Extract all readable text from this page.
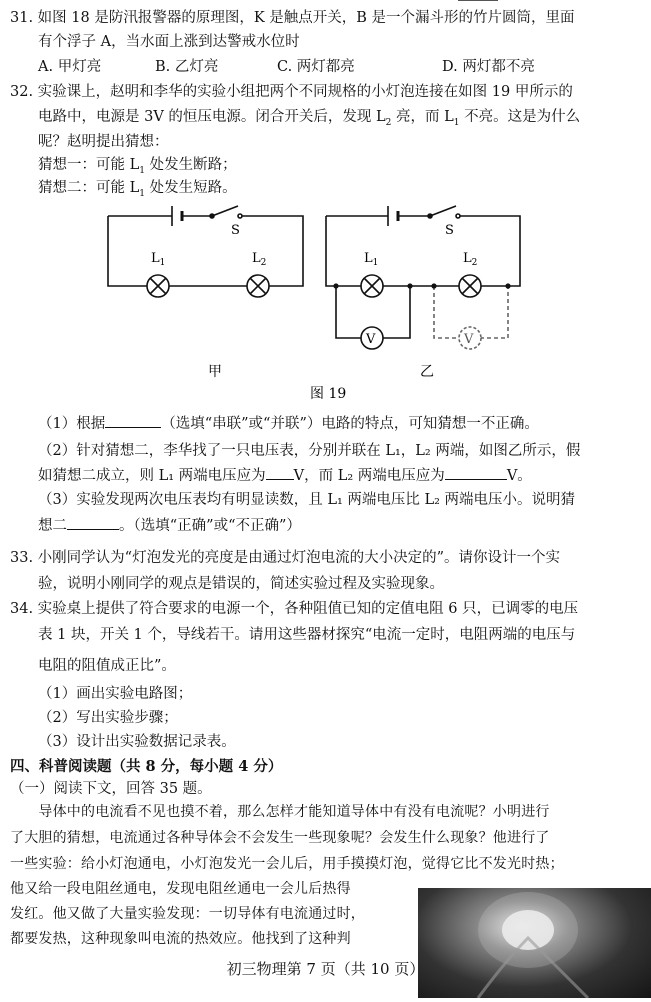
31. 如图 18 是防汛报警器的原理图，K 是触点开关，B 是一个漏斗形的竹片圆筒，里面
有个浮子 A，当水面上涨到达警戒水位时
A. 甲灯亮	B. 乙灯亮	C. 两灯都亮	D. 两灯都不亮
32. 实验课上，赵明和李华的实验小组把两个不同规格的小灯泡连接在如图 19 甲所示的
电路中，电源是 3V 的恒压电源。闭合开关后，发现 $L_2$ 亮，而 $L_1$ 不亮。这是为什么
呢？赵明提出猜想：
猜想一：可能 $L_1$ 处发生断路；
猜想二：可能 $L_1$ 处发生短路。
S
$L_1$	$L_2$
V	V
S
$L_1$	$L_2$
甲
图 19
乙
（1）根据	（选填“串联”或“并联”）电路的特点，可知猜想一不正确。
（2）针对猜想二，李华找了一只电压表，分别并联在 L₁，L₂ 两端，如图乙所示，假
如猜想二成立，则 L₁ 两端电压应为 V，而 L₂ 两端电压应为	V。
（3）实验发现两次电压表均有明显读数，且 L₁ 两端电压比 L₂ 两端电压小。说明猜
想二	。（选填“正确”或“不正确”）
33. 小刚同学认为“灯泡发光的亮度是由通过灯泡电流的大小决定的”。请你设计一个实
验，说明小刚同学的观点是错误的，简述实验过程及实验现象。
34. 实验桌上提供了符合要求的电源一个，各种阻值已知的定值电阻 6 只，已调零的电压
表 1 块，开关 1 个，导线若干。请用这些器材探究“电流一定时，电阻两端的电压与
电阻的阻值成正比”。
（1）画出实验电路图；
（2）写出实验步骤；
（3）设计出实验数据记录表。
四、科普阅读题（共 8 分，每小题 4 分）
（一）阅读下文，回答 35 题。
　　导体中的电流看不见也摸不着，那么怎样才能知道导体中有没有电流呢？小明进行
了大胆的猜想，电流通过各种导体会不会发生一些现象呢？会发生什么现象？他进行了
一些实验：给小灯泡通电，小灯泡发光一会儿后，用手摸摸灯泡，觉得它比不发光时热；
他又给一段电阻丝通电，发现电阻丝通电一会儿后热得
发红。他又做了大量实验发现：一切导体有电流通过时，
都要发热，这种现象叫电流的热效应。他找到了这种判
初三物理第 7 页（共 10 页）
